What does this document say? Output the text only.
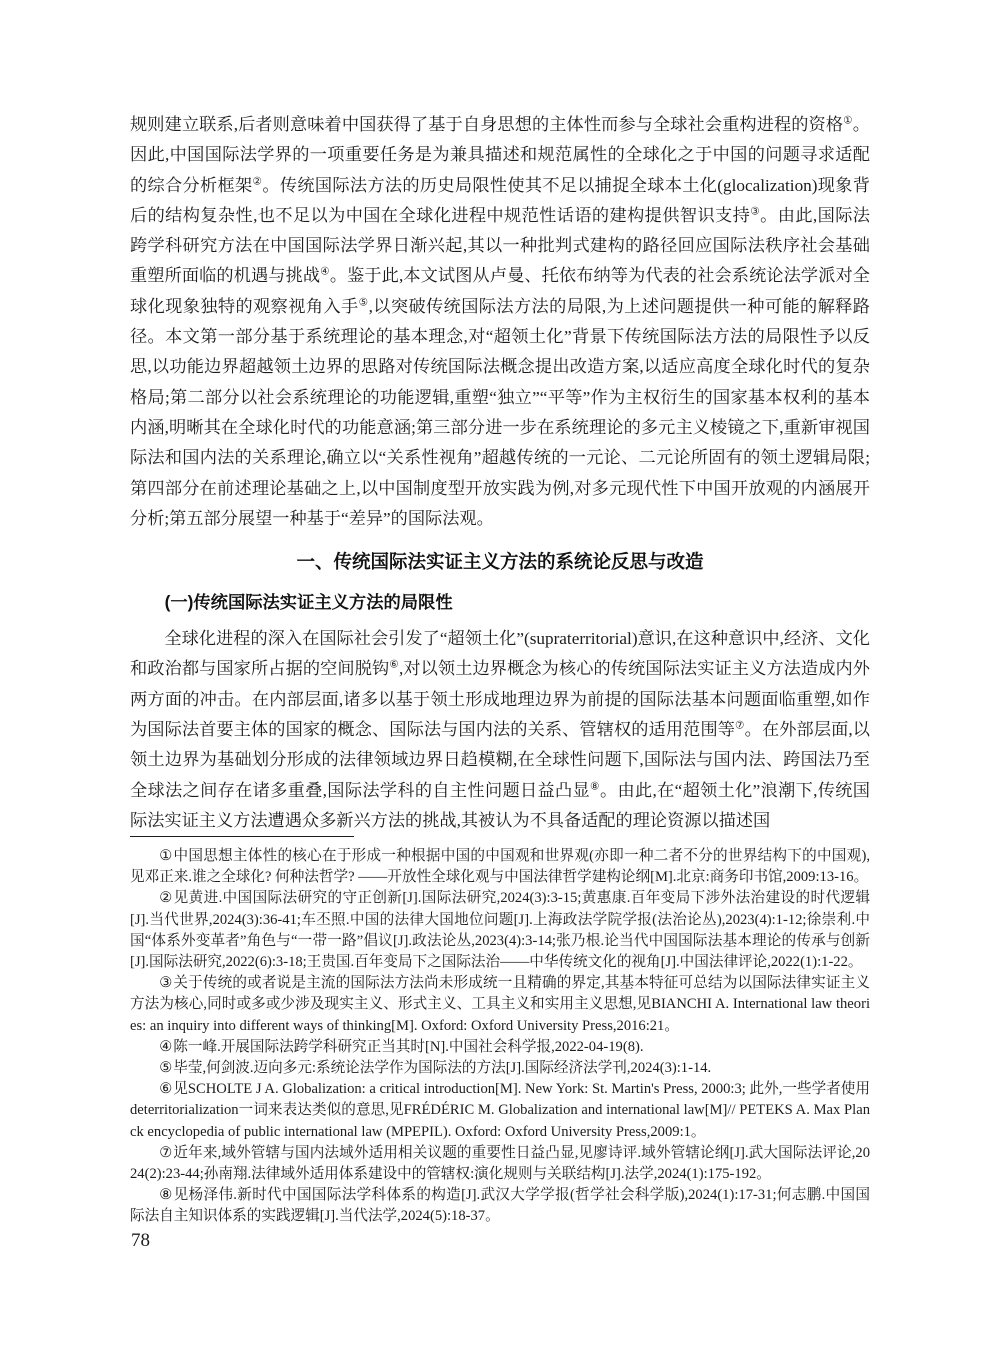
规则建立联系,后者则意味着中国获得了基于自身思想的主体性而参与全球社会重构进程的资格①。因此,中国国际法学界的一项重要任务是为兼具描述和规范属性的全球化之于中国的问题寻求适配的综合分析框架②。传统国际法方法的历史局限性使其不足以捕捉全球本土化(glocalization)现象背后的结构复杂性,也不足以为中国在全球化进程中规范性话语的建构提供智识支持③。由此,国际法跨学科研究方法在中国国际法学界日渐兴起,其以一种批判式建构的路径回应国际法秩序社会基础重塑所面临的机遇与挑战④。鉴于此,本文试图从卢曼、托依布纳等为代表的社会系统论法学派对全球化现象独特的观察视角入手⑤,以突破传统国际法方法的局限,为上述问题提供一种可能的解释路径。本文第一部分基于系统理论的基本理念,对“超领土化”背景下传统国际法方法的局限性予以反思,以功能边界超越领土边界的思路对传统国际法概念提出改造方案,以适应高度全球化时代的复杂格局;第二部分以社会系统理论的功能逻辑,重塑“独立”“平等”作为主权衍生的国家基本权利的基本内涵,明晰其在全球化时代的功能意涵;第三部分进一步在系统理论的多元主义棱镜之下,重新审视国际法和国内法的关系理论,确立以“关系性视角”超越传统的一元论、二元论所固有的领土逻辑局限;第四部分在前述理论基础之上,以中国制度型开放实践为例,对多元现代性下中国开放观的内涵展开分析;第五部分展望一种基于“差异”的国际法观。

一、传统国际法实证主义方法的系统论反思与改造
(一)传统国际法实证主义方法的局限性

全球化进程的深入在国际社会引发了“超领土化”(supraterritorial)意识,在这种意识中,经济、文化和政治都与国家所占据的空间脱钩⑥,对以领土边界概念为核心的传统国际法实证主义方法造成内外两方面的冲击。在内部层面,诸多以基于领土形成地理边界为前提的国际法基本问题面临重塑,如作为国际法首要主体的国家的概念、国际法与国内法的关系、管辖权的适用范围等⑦。在外部层面,以领土边界为基础划分形成的法律领域边界日趋模糊,在全球性问题下,国际法与国内法、跨国法乃至全球法之间存在诸多重叠,国际法学科的自主性问题日益凸显⑧。由此,在“超领土化”浪潮下,传统国际法实证主义方法遭遇众多新兴方法的挑战,其被认为不具备适配的理论资源以描述国

①中国思想主体性的核心在于形成一种根据中国的中国观和世界观(亦即一种二者不分的世界结构下的中国观),见邓正来.谁之全球化? 何种法哲学? ——开放性全球化观与中国法律哲学建构论纲[M].北京:商务印书馆,2009:13-16。

②见黄进.中国国际法研究的守正创新[J].国际法研究,2024(3):3-15;黄惠康.百年变局下涉外法治建设的时代逻辑[J].当代世界,2024(3):36-41;车丕照.中国的法律大国地位问题[J].上海政法学院学报(法治论丛),2023(4):1-12;徐崇利.中国“体系外变革者”角色与“一带一路”倡议[J].政法论丛,2023(4):3-14;张乃根.论当代中国国际法基本理论的传承与创新[J].国际法研究,2022(6):3-18;王贵国.百年变局下之国际法治——中华传统文化的视角[J].中国法律评论,2022(1):1-22。

③关于传统的或者说是主流的国际法方法尚未形成统一且精确的界定,其基本特征可总结为以国际法律实证主义方法为核心,同时或多或少涉及现实主义、形式主义、工具主义和实用主义思想,见BIANCHI A. International law theories: an inquiry into different ways of thinking[M]. Oxford: Oxford University Press,2016:21。

④陈一峰.开展国际法跨学科研究正当其时[N].中国社会科学报,2022-04-19(8).

⑤毕莹,何剑波.迈向多元:系统论法学作为国际法的方法[J].国际经济法学刊,2024(3):1-14.

⑥见SCHOLTE J A. Globalization: a critical introduction[M]. New York: St. Martin's Press, 2000:3; 此外,一些学者使用deterritorialization一词来表达类似的意思,见FRÉDÉRIC M. Globalization and international law[M]// PETEKS A. Max Planck encyclopedia of public international law (MPEPIL). Oxford: Oxford University Press,2009:1。

⑦近年来,域外管辖与国内法域外适用相关议题的重要性日益凸显,见廖诗评.域外管辖论纲[J].武大国际法评论,2024(2):23-44;孙南翔.法律域外适用体系建设中的管辖权:演化规则与关联结构[J].法学,2024(1):175-192。

⑧见杨泽伟.新时代中国国际法学科体系的构造[J].武汉大学学报(哲学社会科学版),2024(1):17-31;何志鹏.中国国际法自主知识体系的实践逻辑[J].当代法学,2024(5):18-37。

78
